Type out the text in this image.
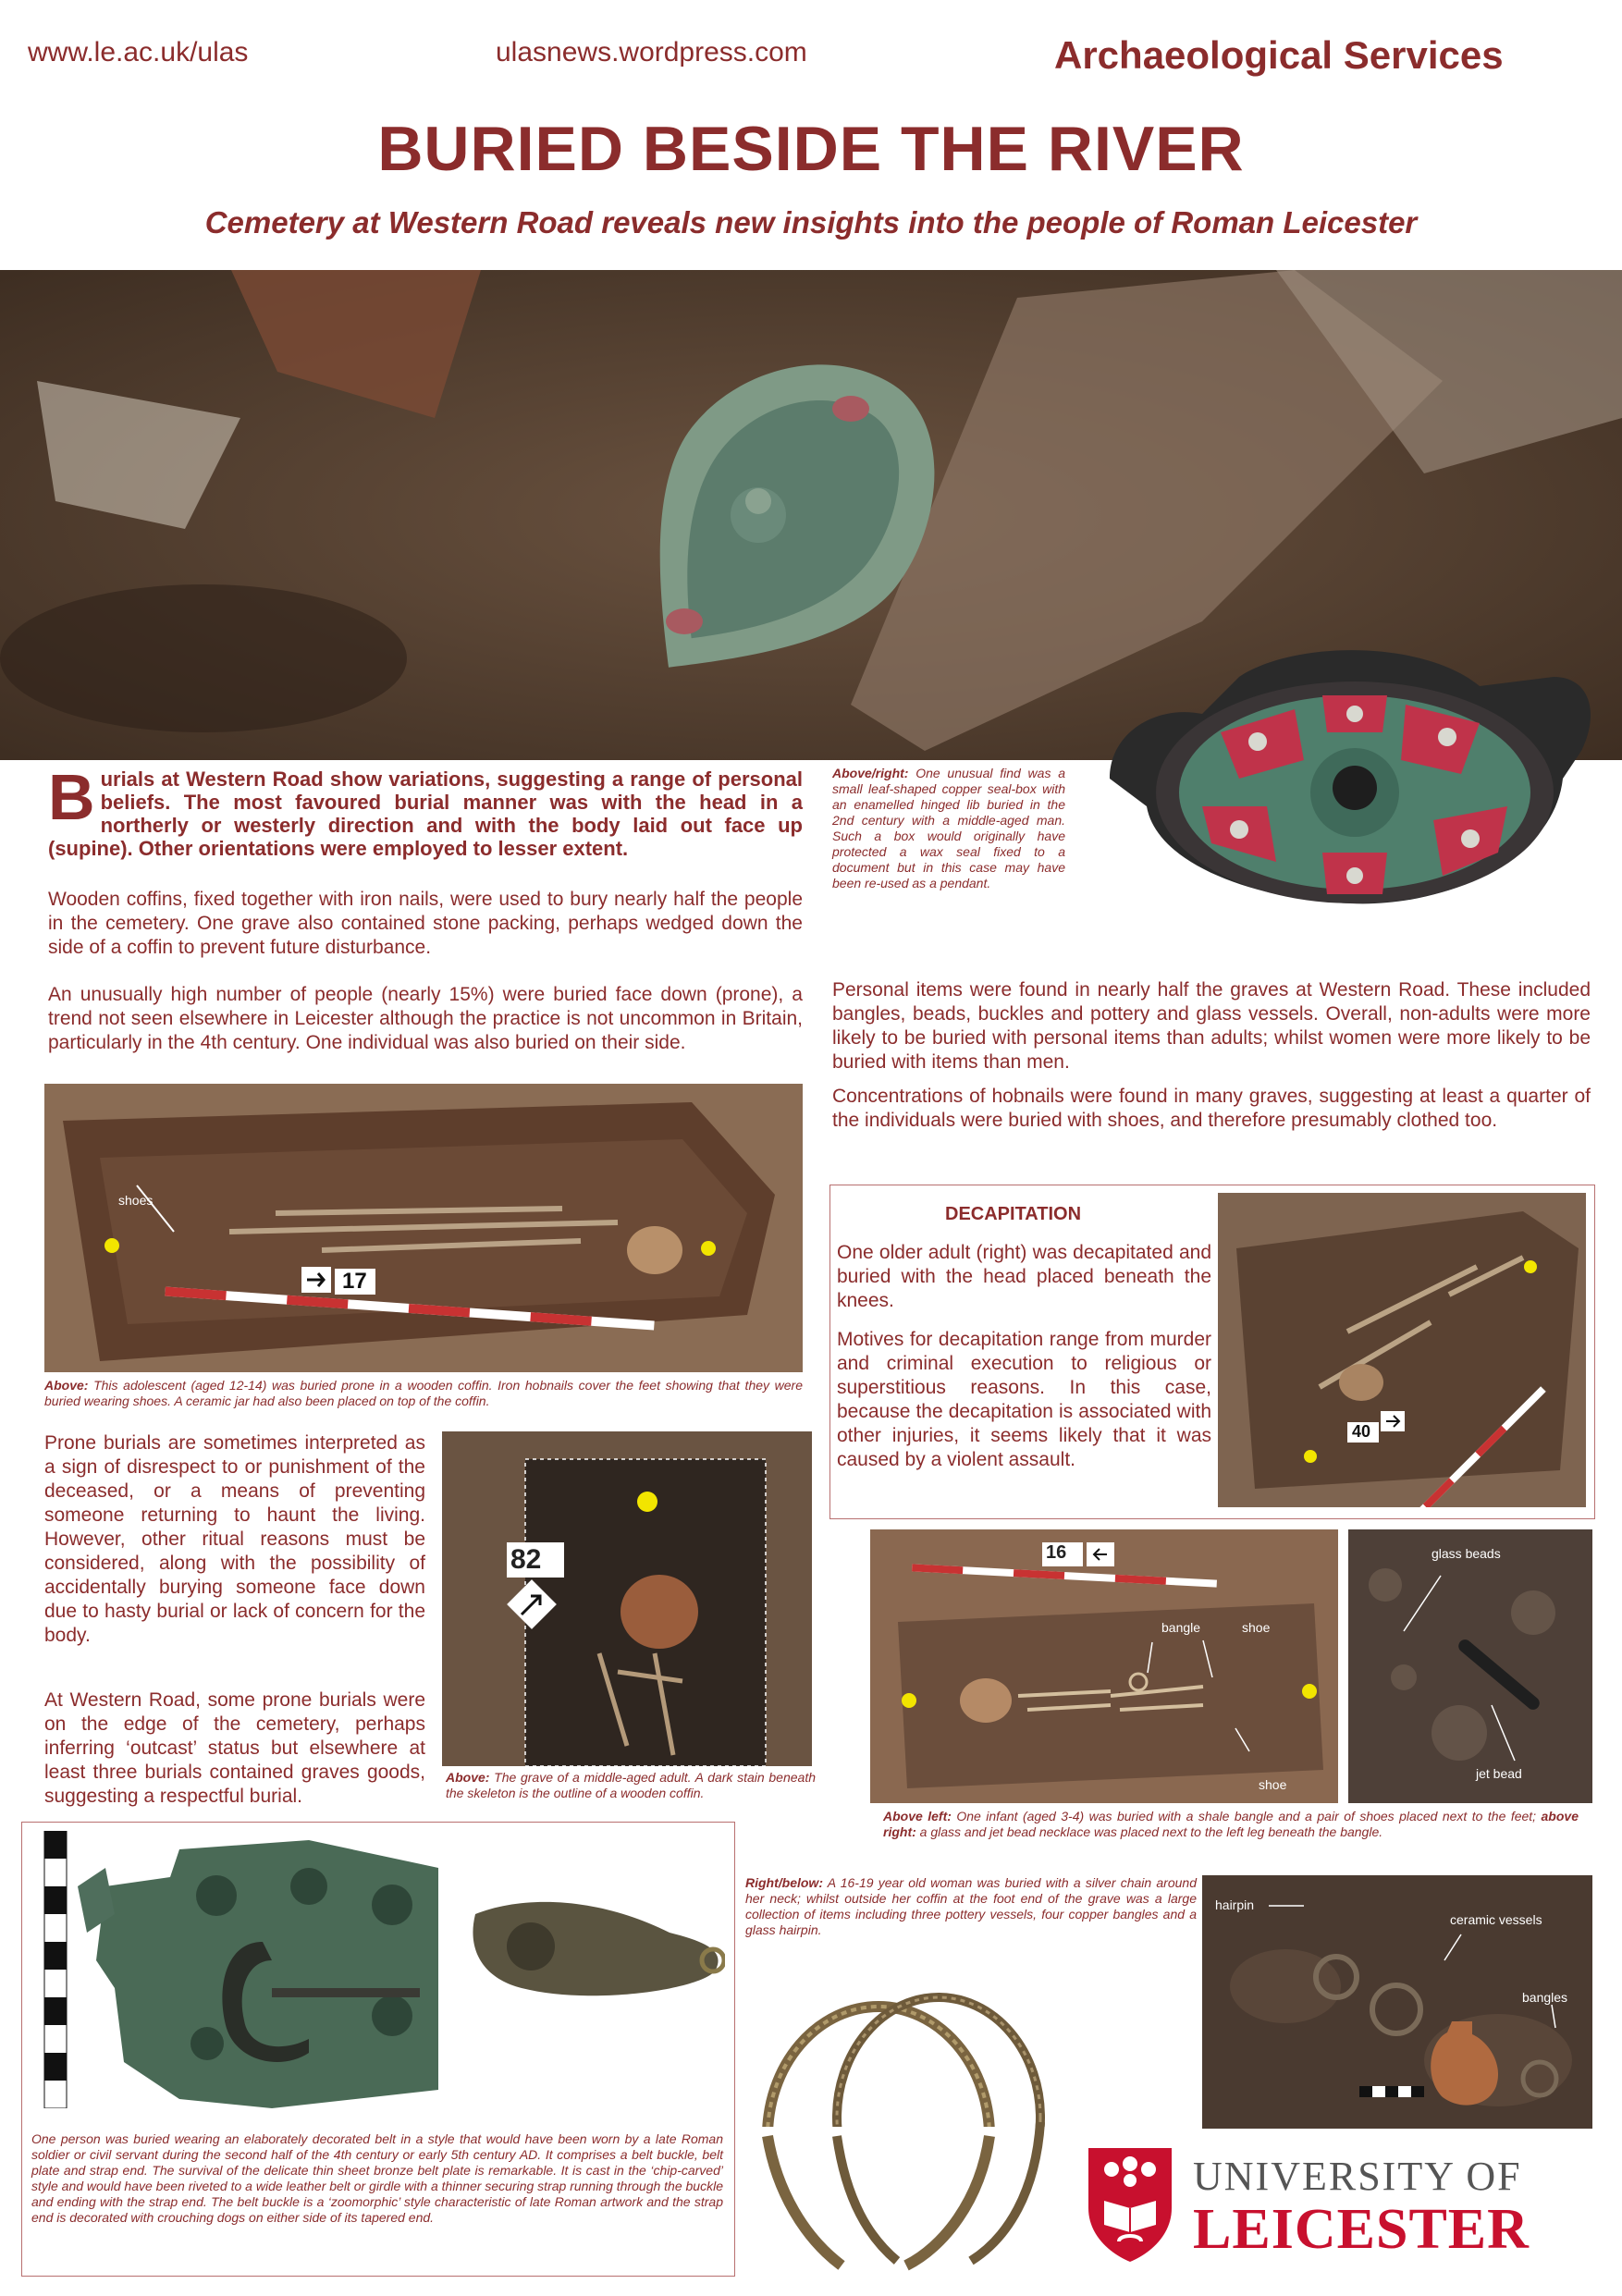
www.le.ac.uk/ulas	ulasnews.wordpress.com	Archaeological Services
BURIED BESIDE THE RIVER
Cemetery at Western Road reveals new insights into the people of Roman Leicester
Burials at Western Road show variations, suggesting a range of personal beliefs. The most favoured burial manner was with the head in a northerly or westerly direction and with the body laid out face up (supine). Other orientations were employed to lesser extent.
Wooden coffins, fixed together with iron nails, were used to bury nearly half the people in the cemetery. One grave also contained stone packing, perhaps wedged down the side of a coffin to prevent future disturbance.
An unusually high number of people (nearly 15%) were buried face down (prone), a trend not seen elsewhere in Leicester although the practice is not uncommon in Britain, particularly in the 4th century. One individual was also buried on their side.
Above/right: One unusual find was a small leaf-shaped copper seal-box with an enamelled hinged lib buried in the 2nd century with a middle-aged man. Such a box would originally have protected a wax seal fixed to a document but in this case may have been re-used as a pendant.
Personal items were found in nearly half the graves at Western Road. These included bangles, beads, buckles and pottery and glass vessels. Overall, non-adults were more likely to be buried with personal items than adults; whilst women were more likely to be buried with items than men.
Concentrations of hobnails were found in many graves, suggesting at least a quarter of the individuals were buried with shoes, and therefore presumably clothed too.
17
shoes
Above: This adolescent (aged 12-14) was buried prone in a wooden coffin. Iron hobnails cover the feet showing that they were buried wearing shoes. A ceramic jar had also been placed on top of the coffin.
DECAPITATION
One older adult (right) was decapitated and buried with the head placed beneath the knees.
Motives for decapitation range from murder and criminal execution to religious or superstitious reasons. In this case, because the decapitation is associated with other injuries, it seems likely that it was caused by a violent assault.
40
Prone burials are sometimes interpreted as a sign of disrespect to or punishment of the deceased, or a means of preventing someone returning to haunt the living. However, other ritual reasons must be considered, along with the possibility of accidentally burying someone face down due to hasty burial or lack of concern for the body.
At Western Road, some prone burials were on the edge of the cemetery, perhaps inferring ‘outcast’ status but elsewhere at least three burials contained graves goods, suggesting a respectful burial.
82
Above: The grave of a middle-aged adult. A dark stain beneath the skeleton is the outline of a wooden coffin.
16
bangle	shoe
shoe
glass beads
jet bead
Above left: One infant (aged 3-4) was buried with a shale bangle and a pair of shoes placed next to the feet; above right: a glass and jet bead necklace was placed next to the left leg beneath the bangle.
One person was buried wearing an elaborately decorated belt in a style that would have been worn by a late Roman soldier or civil servant during the second half of the 4th century or early 5th century AD. It comprises a belt buckle, belt plate and strap end. The survival of the delicate thin sheet bronze belt plate is remarkable. It is cast in the ‘chip-carved’ style and would have been riveted to a wide leather belt or girdle with a thinner securing strap running through the buckle and ending with the strap end. The belt buckle is a ‘zoomorphic’ style characteristic of late Roman artwork and the strap end is decorated with crouching dogs on either side of its tapered end.
Right/below: A 16-19 year old woman was buried with a silver chain around her neck; whilst outside her coffin at the foot end of the grave was a large collection of items including three pottery vessels, four copper bangles and a glass hairpin.
hairpin
ceramic vessels
bangles
UNIVERSITY OF
LEICESTER
